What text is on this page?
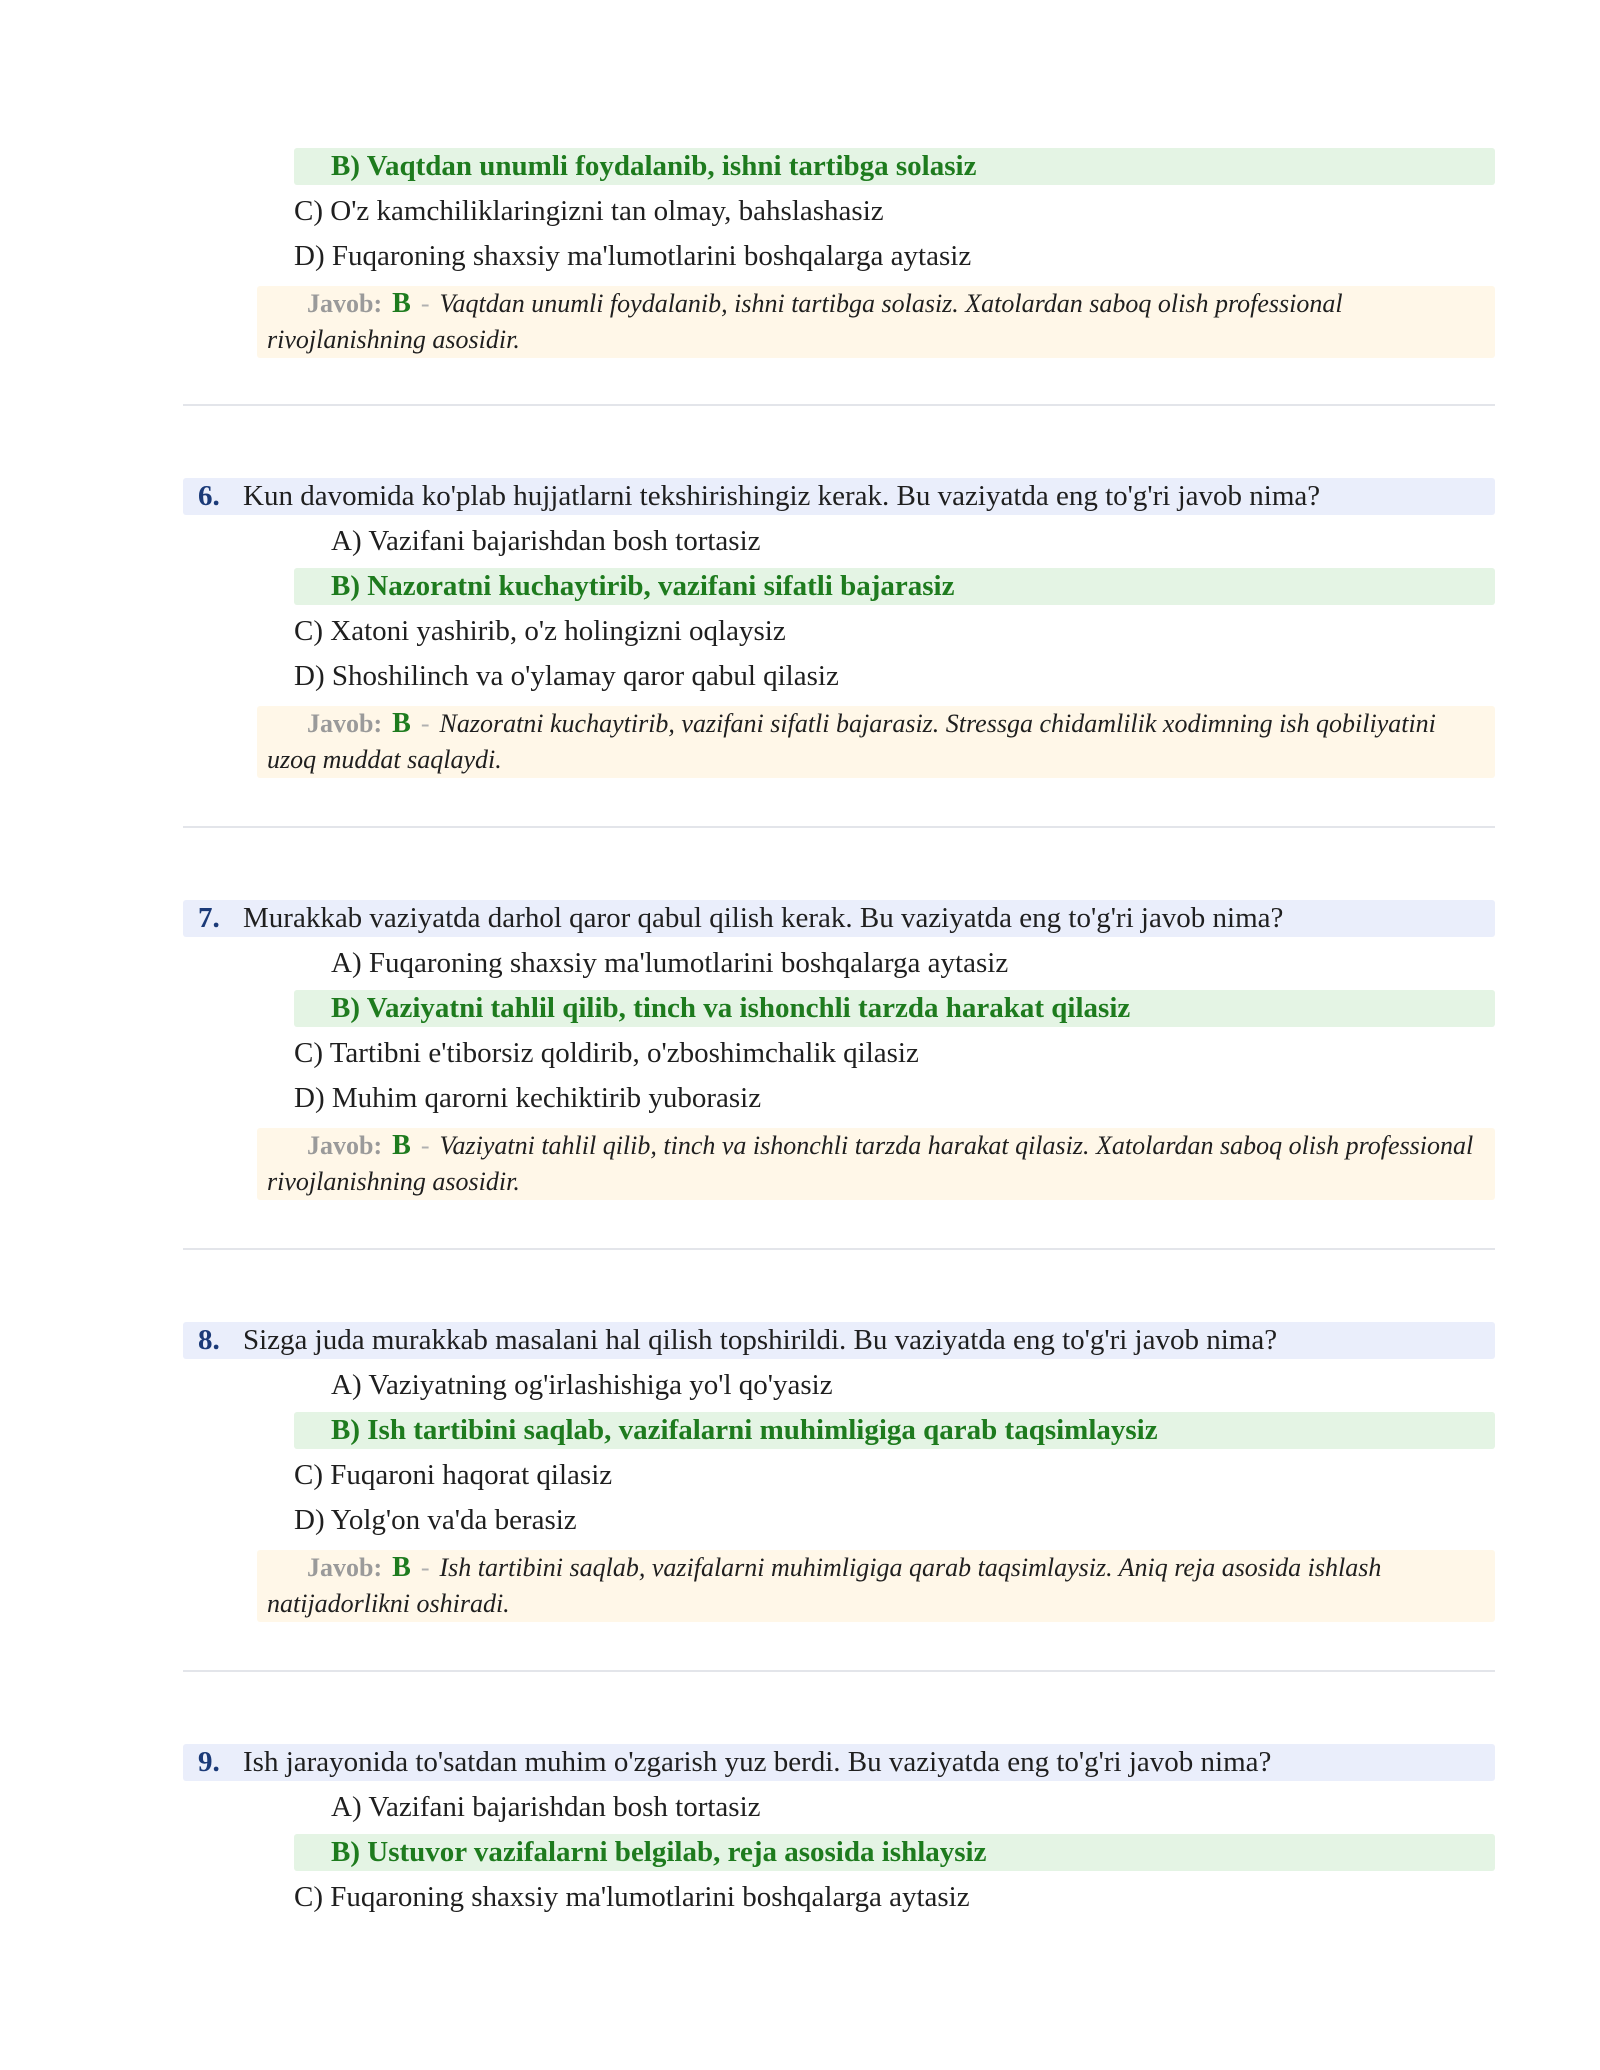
B) Vaqtdan unumli foydalanib, ishni tartibga solasiz
C) O'z kamchiliklaringizni tan olmay, bahslashasiz
D) Fuqaroning shaxsiy ma'lumotlarini boshqalarga aytasiz
Javob: B - Vaqtdan unumli foydalanib, ishni tartibga solasiz. Xatolardan saboq olish professional rivojlanishning asosidir.
6. Kun davomida ko'plab hujjatlarni tekshirishingiz kerak. Bu vaziyatda eng to'g'ri javob nima?
A) Vazifani bajarishdan bosh tortasiz
B) Nazoratni kuchaytirib, vazifani sifatli bajarasiz
C) Xatoni yashirib, o'z holingizni oqlaysiz
D) Shoshilinch va o'ylamay qaror qabul qilasiz
Javob: B - Nazoratni kuchaytirib, vazifani sifatli bajarasiz. Stressga chidamlilik xodimning ish qobiliyatini uzoq muddat saqlaydi.
7. Murakkab vaziyatda darhol qaror qabul qilish kerak. Bu vaziyatda eng to'g'ri javob nima?
A) Fuqaroning shaxsiy ma'lumotlarini boshqalarga aytasiz
B) Vaziyatni tahlil qilib, tinch va ishonchli tarzda harakat qilasiz
C) Tartibni e'tiborsiz qoldirib, o'zboshimchalik qilasiz
D) Muhim qarorni kechiktirib yuborasiz
Javob: B - Vaziyatni tahlil qilib, tinch va ishonchli tarzda harakat qilasiz. Xatolardan saboq olish professional rivojlanishning asosidir.
8. Sizga juda murakkab masalani hal qilish topshirildi. Bu vaziyatda eng to'g'ri javob nima?
A) Vaziyatning og'irlashishiga yo'l qo'yasiz
B) Ish tartibini saqlab, vazifalarni muhimligiga qarab taqsimlaysiz
C) Fuqaroni haqorat qilasiz
D) Yolg'on va'da berasiz
Javob: B - Ish tartibini saqlab, vazifalarni muhimligiga qarab taqsimlaysiz. Aniq reja asosida ishlash natijadorlikni oshiradi.
9. Ish jarayonida to'satdan muhim o'zgarish yuz berdi. Bu vaziyatda eng to'g'ri javob nima?
A) Vazifani bajarishdan bosh tortasiz
B) Ustuvor vazifalarni belgilab, reja asosida ishlaysiz
C) Fuqaroning shaxsiy ma'lumotlarini boshqalarga aytasiz
